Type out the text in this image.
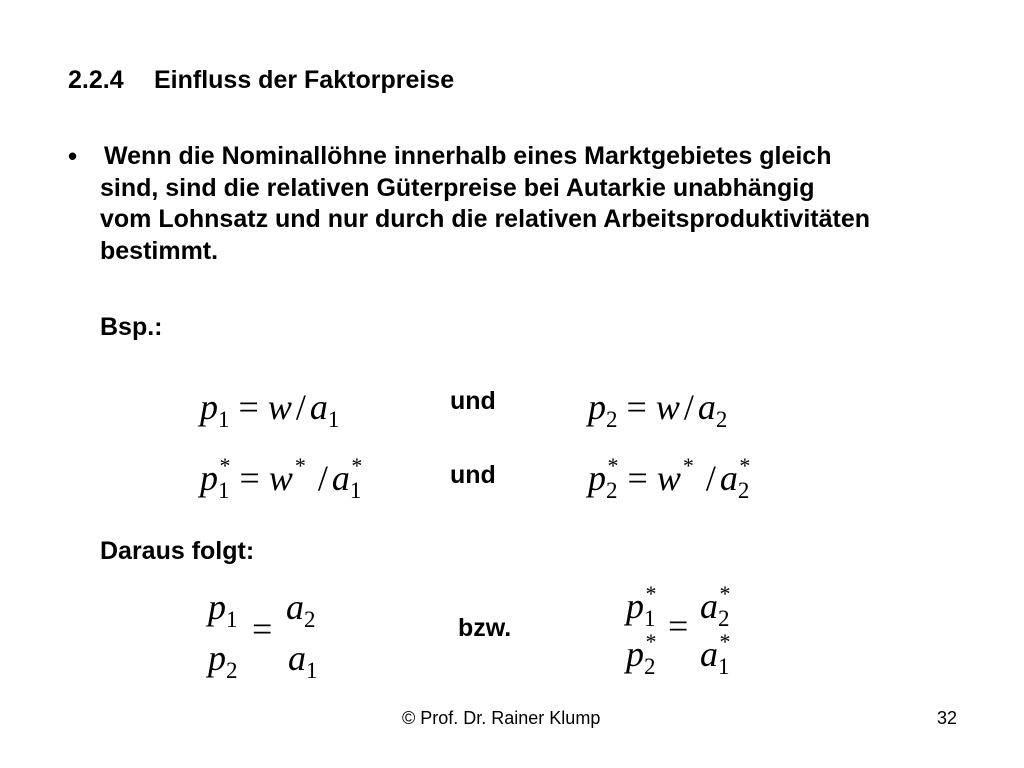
2.2.4 Einfluss der Faktorpreise
• Wenn die Nominallöhne innerhalb eines Marktgebietes gleich
sind, sind die relativen Güterpreise bei Autarkie unabhängig
vom Lohnsatz und nur durch die relativen Arbeitsproduktivitäten
bestimmt.
Bsp.:
$p_1 = w / a_1$
und	$p_2 = w / a_2$
$p_1^* = w^* / a_1^*$	und	$p_2^* = w^* / a_2^*$
Daraus folgt:
$p_1$
$p_2$
=
$a_2$
$a_1$
bzw.
$p_1^*$
$p_2^* = a_2^*$
$a_1^*$
© Prof. Dr. Rainer Klump	32
